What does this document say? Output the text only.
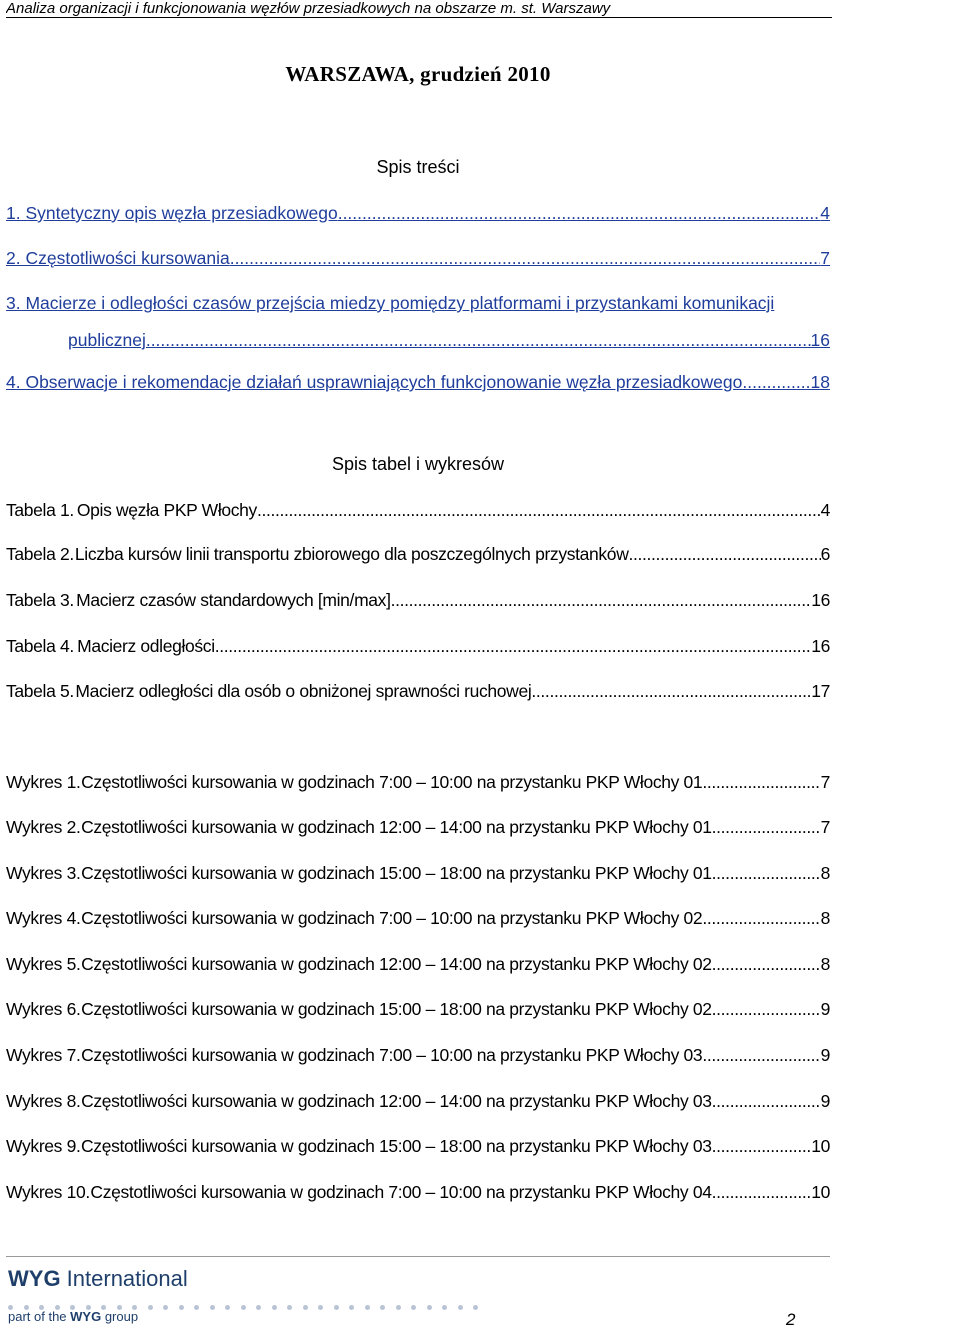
Analiza organizacji i funkcjonowania węzłów przesiadkowych na obszarze m. st. Warszawy
WARSZAWA, grudzień 2010
Spis treści
1. Syntetyczny opis węzła przesiadkowego .....	4
2. Częstotliwości kursowania .....	7
3. Macierze i odległości czasów przejścia miedzy pomiędzy platformami i przystankami komunikacji
publicznej .....	16
4. Obserwacje i rekomendacje działań usprawniających funkcjonowanie węzła przesiadkowego .....	18
Spis tabel i wykresów
Tabela 1. Opis węzła PKP Włochy .....	4
Tabela 2. Liczba kursów linii transportu zbiorowego dla poszczególnych przystanków .....	6
Tabela 3. Macierz czasów standardowych [min/max] .....	16
Tabela 4. Macierz odległości .....	16
Tabela 5. Macierz odległości dla osób o obniżonej sprawności ruchowej .....	17
Wykres 1. Częstotliwości kursowania w godzinach 7:00 – 10:00 na przystanku PKP Włochy 01 .....	7
Wykres 2. Częstotliwości kursowania w godzinach 12:00 – 14:00 na przystanku PKP Włochy 01 .....	7
Wykres 3. Częstotliwości kursowania w godzinach 15:00 – 18:00 na przystanku PKP Włochy 01 .....	8
Wykres 4. Częstotliwości kursowania w godzinach 7:00 – 10:00 na przystanku PKP Włochy 02 .....	8
Wykres 5. Częstotliwości kursowania w godzinach 12:00 – 14:00 na przystanku PKP Włochy 02 .....	8
Wykres 6. Częstotliwości kursowania w godzinach 15:00 – 18:00 na przystanku PKP Włochy 02 .....	9
Wykres 7. Częstotliwości kursowania w godzinach 7:00 – 10:00 na przystanku PKP Włochy 03 .....	9
Wykres 8. Częstotliwości kursowania w godzinach 12:00 – 14:00 na przystanku PKP Włochy 03 .....	9
Wykres 9. Częstotliwości kursowania w godzinach 15:00 – 18:00 na przystanku PKP Włochy 03 .....	10
Wykres 10. Częstotliwości kursowania w godzinach 7:00 – 10:00 na przystanku PKP Włochy 04 .....	10
WYG International
part of the WYG group	2
